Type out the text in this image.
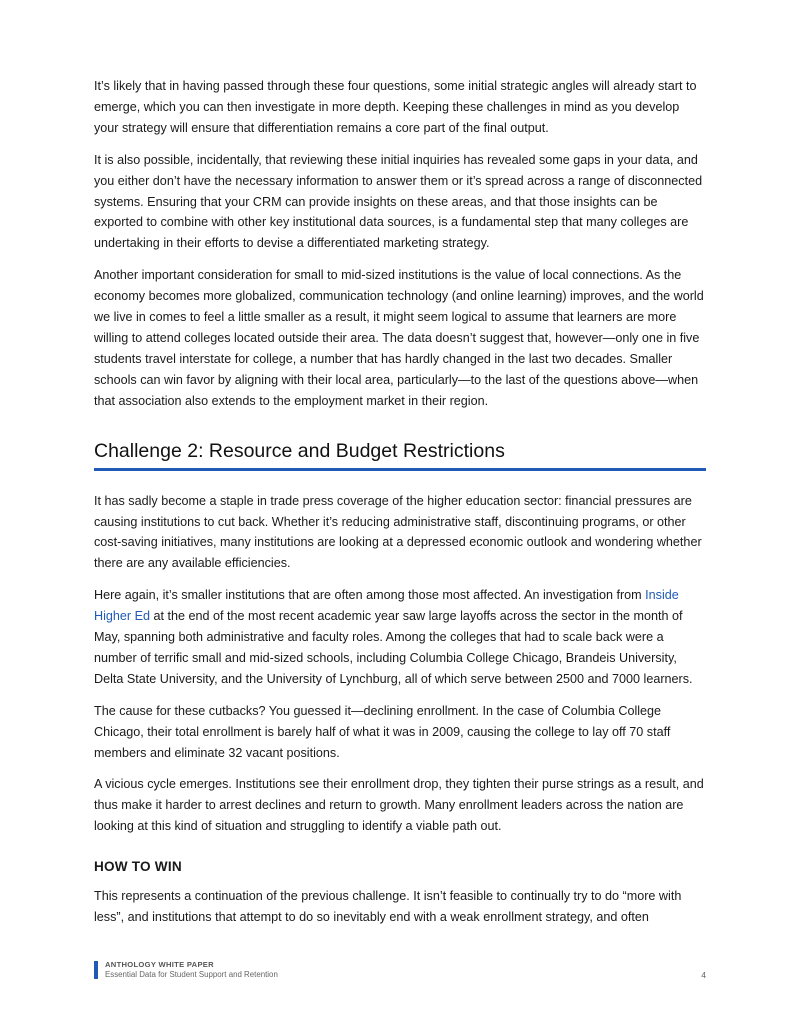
It’s likely that in having passed through these four questions, some initial strategic angles will already start to emerge, which you can then investigate in more depth. Keeping these challenges in mind as you develop your strategy will ensure that differentiation remains a core part of the final output.

It is also possible, incidentally, that reviewing these initial inquiries has revealed some gaps in your data, and you either don’t have the necessary information to answer them or it’s spread across a range of disconnected systems. Ensuring that your CRM can provide insights on these areas, and that those insights can be exported to combine with other key institutional data sources, is a fundamental step that many colleges are undertaking in their efforts to devise a differentiated marketing strategy.

Another important consideration for small to mid-sized institutions is the value of local connections. As the economy becomes more globalized, communication technology (and online learning) improves, and the world we live in comes to feel a little smaller as a result, it might seem logical to assume that learners are more willing to attend colleges located outside their area. The data doesn’t suggest that, however—only one in five students travel interstate for college, a number that has hardly changed in the last two decades. Smaller schools can win favor by aligning with their local area, particularly—to the last of the questions above—when that association also extends to the employment market in their region.

Challenge 2: Resource and Budget Restrictions

It has sadly become a staple in trade press coverage of the higher education sector: financial pressures are causing institutions to cut back. Whether it’s reducing administrative staff, discontinuing programs, or other cost-saving initiatives, many institutions are looking at a depressed economic outlook and wondering whether there are any available efficiencies.

Here again, it’s smaller institutions that are often among those most affected. An investigation from Inside Higher Ed at the end of the most recent academic year saw large layoffs across the sector in the month of May, spanning both administrative and faculty roles. Among the colleges that had to scale back were a number of terrific small and mid-sized schools, including Columbia College Chicago, Brandeis University, Delta State University, and the University of Lynchburg, all of which serve between 2500 and 7000 learners.

The cause for these cutbacks? You guessed it—declining enrollment. In the case of Columbia College Chicago, their total enrollment is barely half of what it was in 2009, causing the college to lay off 70 staff members and eliminate 32 vacant positions.

A vicious cycle emerges. Institutions see their enrollment drop, they tighten their purse strings as a result, and thus make it harder to arrest declines and return to growth. Many enrollment leaders across the nation are looking at this kind of situation and struggling to identify a viable path out.

HOW TO WIN

This represents a continuation of the previous challenge. It isn’t feasible to continually try to do “more with less”, and institutions that attempt to do so inevitably end with a weak enrollment strategy, and often

ANTHOLOGY WHITE PAPER
Essential Data for Student Support and Retention	4
